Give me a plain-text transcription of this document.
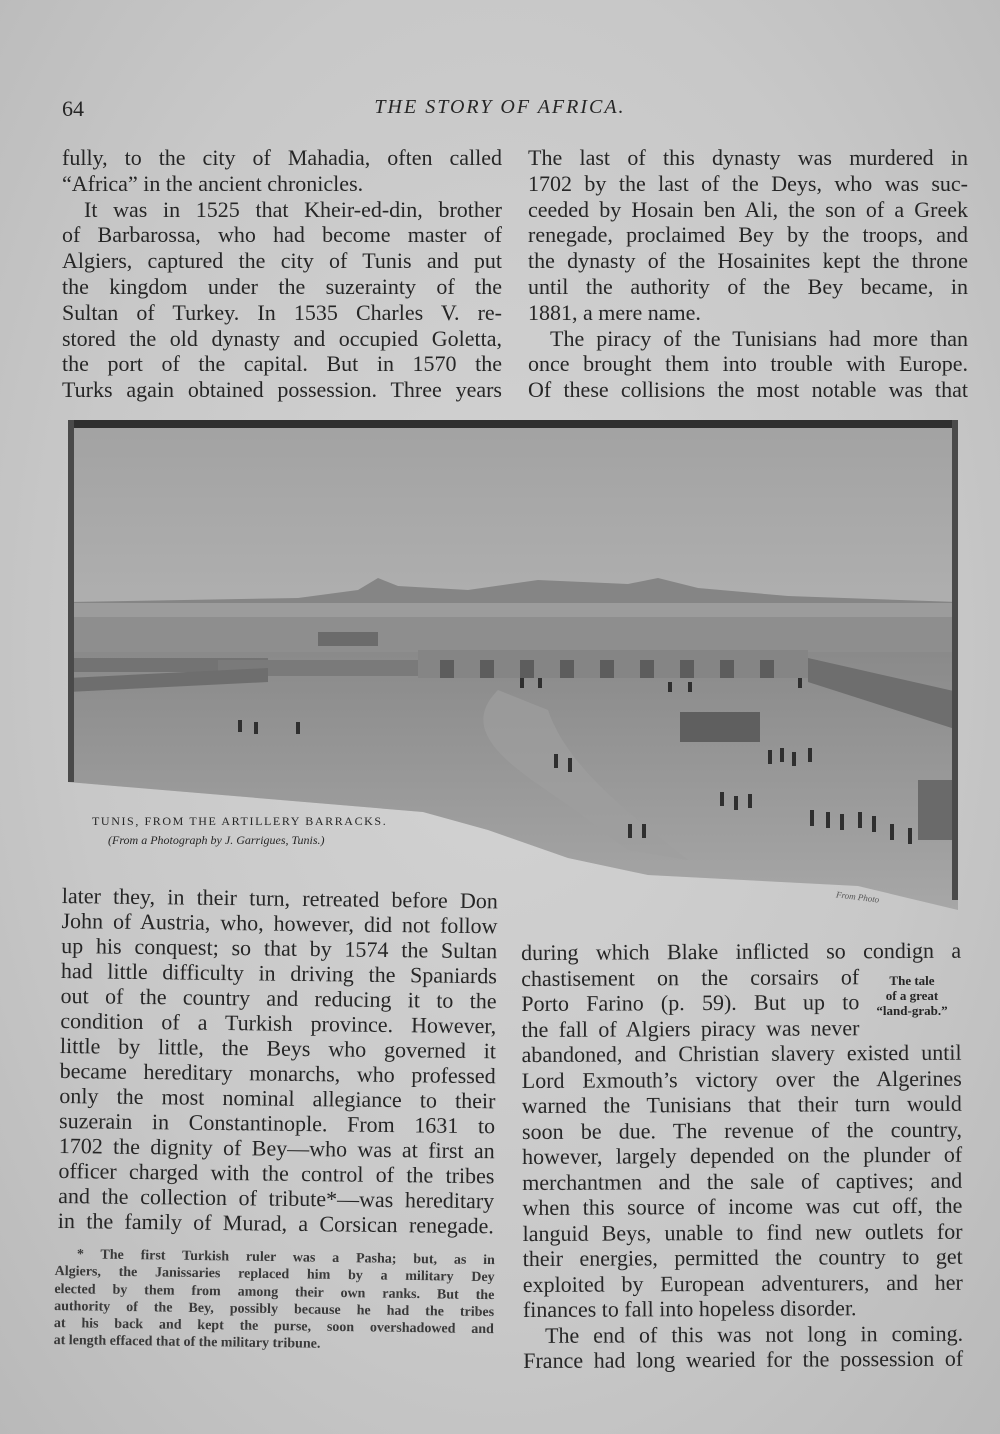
64	THE STORY OF AFRICA.

fully, to the city of Mahadia, often called

“Africa” in the ancient chronicles.

It was in 1525 that Kheir-ed-din, brother

of Barbarossa, who had become master of

Algiers, captured the city of Tunis and put

the kingdom under the suzerainty of the

Sultan of Turkey. In 1535 Charles V. re-

stored the old dynasty and occupied Goletta,

the port of the capital. But in 1570 the

Turks again obtained possession. Three years

The last of this dynasty was murdered in

1702 by the last of the Deys, who was suc-

ceeded by Hosain ben Ali, the son of a Greek

renegade, proclaimed Bey by the troops, and

the dynasty of the Hosainites kept the throne

until the authority of the Bey became, in

1881, a mere name.

The piracy of the Tunisians had more than

once brought them into trouble with Europe.

Of these collisions the most notable was that

TUNIS, FROM THE ARTILLERY BARRACKS.
(From a Photograph by J. Garrigues, Tunis.)
From Photo

later they, in their turn, retreated before Don

John of Austria, who, however, did not follow

up his conquest; so that by 1574 the Sultan

had little difficulty in driving the Spaniards

out of the country and reducing it to the

condition of a Turkish province. However,

little by little, the Beys who governed it

became hereditary monarchs, who professed

only the most nominal allegiance to their

suzerain in Constantinople. From 1631 to

1702 the dignity of Bey—who was at first an

officer charged with the control of the tribes

and the collection of tribute*—was hereditary

in the family of Murad, a Corsican renegade.

* The first Turkish ruler was a Pasha; but, as in

Algiers, the Janissaries replaced him by a military Dey

elected by them from among their own ranks. But the

authority of the Bey, possibly because he had the tribes

at his back and kept the purse, soon overshadowed and

at length effaced that of the military tribune.

during which Blake inflicted so condign a

chastisement on the corsairs of

Porto Farino (p. 59). But up to

the fall of Algiers piracy was never

abandoned, and Christian slavery existed until

Lord Exmouth’s victory over the Algerines

warned the Tunisians that their turn would

soon be due. The revenue of the country,

however, largely depended on the plunder of

merchantmen and the sale of captives; and

when this source of income was cut off, the

languid Beys, unable to find new outlets for

their energies, permitted the country to get

exploited by European adventurers, and her

finances to fall into hopeless disorder.

The end of this was not long in coming.

France had long wearied for the possession of

The tale
of a great
“land-grab.”
